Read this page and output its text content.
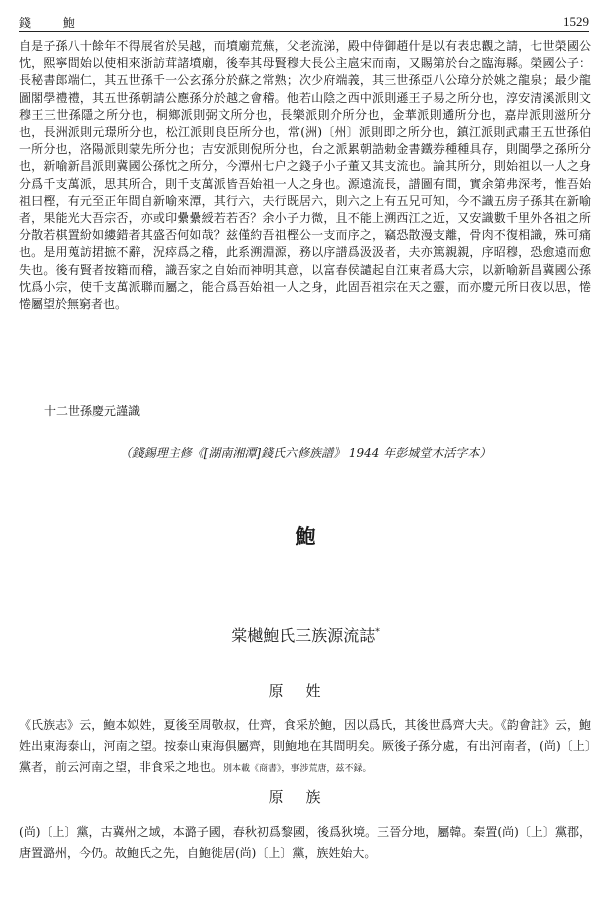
錢 鮑	1529
自是子孫八十餘年不得展省於吴越，而墳廟荒蕪，父老流涕，殿中侍御趙什是以有表忠觀之請，七世榮國公忱，熙寧間始以使相來浙訪茸諸墳廟，後奉其母賢穆大長公主扈宋而南，又賜第於台之臨海縣。榮國公子：長秘書郎端仁，其五世孫千一公玄孫分於蘇之常熟；次少府端義，其三世孫亞八公璋分於姚之龍泉；最少龍圖閣學禮禮，其五世孫朝請公應孫分於越之會稽。他若山陰之西中派則遜王子易之所分也，淳安清溪派則文穆王三世孫隱之所分也，桐鄉派則弼文所分也，長樂派則介所分也，金華派則遹所分也，嘉岸派則滋所分也，長洲派則元璟所分也，松江派則良臣所分也，常(洲)〔州〕派則即之所分也，鎮江派則武肅王五世孫伯一所分也，洛陽派則蒙先所分也；吉安派則倪所分也，台之派累朝誥勅金書鐵券種種具存，則閩學之孫所分也，新喻新昌派則冀國公孫忱之所分，今潭州七户之錢子小子董又其支流也。論其所分，則始祖以一人之身分爲千支萬派，思其所合，則千支萬派皆吾始祖一人之身也。源遠流長，譜圖有間，實余第弗深考，惟吾始祖曰樫，有元至正年間自新喻來潭，其行六，夫行既居六，則六之上有五兄可知，今不識五房子孫其在新喻者，果能光大吾宗否，亦或印纍纍綬若若否？余小子力微，且不能上溯西江之近，又安識數千里外各祖之所分散若棋置紛如縷錯者其盛否何如哉？兹僅約吾祖樫公一支而序之，竊恐散漫支離，骨肉不復相識，殊可痛也。是用蒐訪捃摭不辭，況瘁爲之稽，此系溯淵源，務以序譜爲汲汲者，夫亦篤親親，序昭穆，恐愈遠而愈失也。後有賢者按籍而稽，識吾家之自始而神明其意，以富春侯譴起自江東者爲大宗，以新喻新昌冀國公孫忱爲小宗，使千支萬派聯而屬之，能合爲吾始祖一人之身，此固吾祖宗在天之靈，而亦慶元所日夜以思，惓惓屬望於無窮者也。
十二世孫慶元謹識
（錢錫理主修《[湖南湘潭]錢氏六修族譜》 1944 年彭城堂木活字本）
鮑
棠樾鮑氏三族源流誌*
原姓
《氏族志》云，鮑本姒姓，夏後至周敬叔，仕齊，食采於鮑，因以爲氏，其後世爲齊大夫。《韵會註》云，鮑姓出東海泰山，河南之望。按泰山東海俱屬齊，則鮑地在其間明矣。厥後子孫分處，有出河南者，(尚)〔上〕黨者，前云河南之望，非食采之地也。別本載《商書》，事涉荒唐，兹不録。
原族
(尚)〔上〕黨，古冀州之域，本潞子國，春秋初爲黎國，後爲狄境。三晉分地，屬韓。秦置(尚)〔上〕黨郡，唐置潞州，今仍。故鮑氏之先，自鮑徙居(尚)〔上〕黨，族姓始大。
